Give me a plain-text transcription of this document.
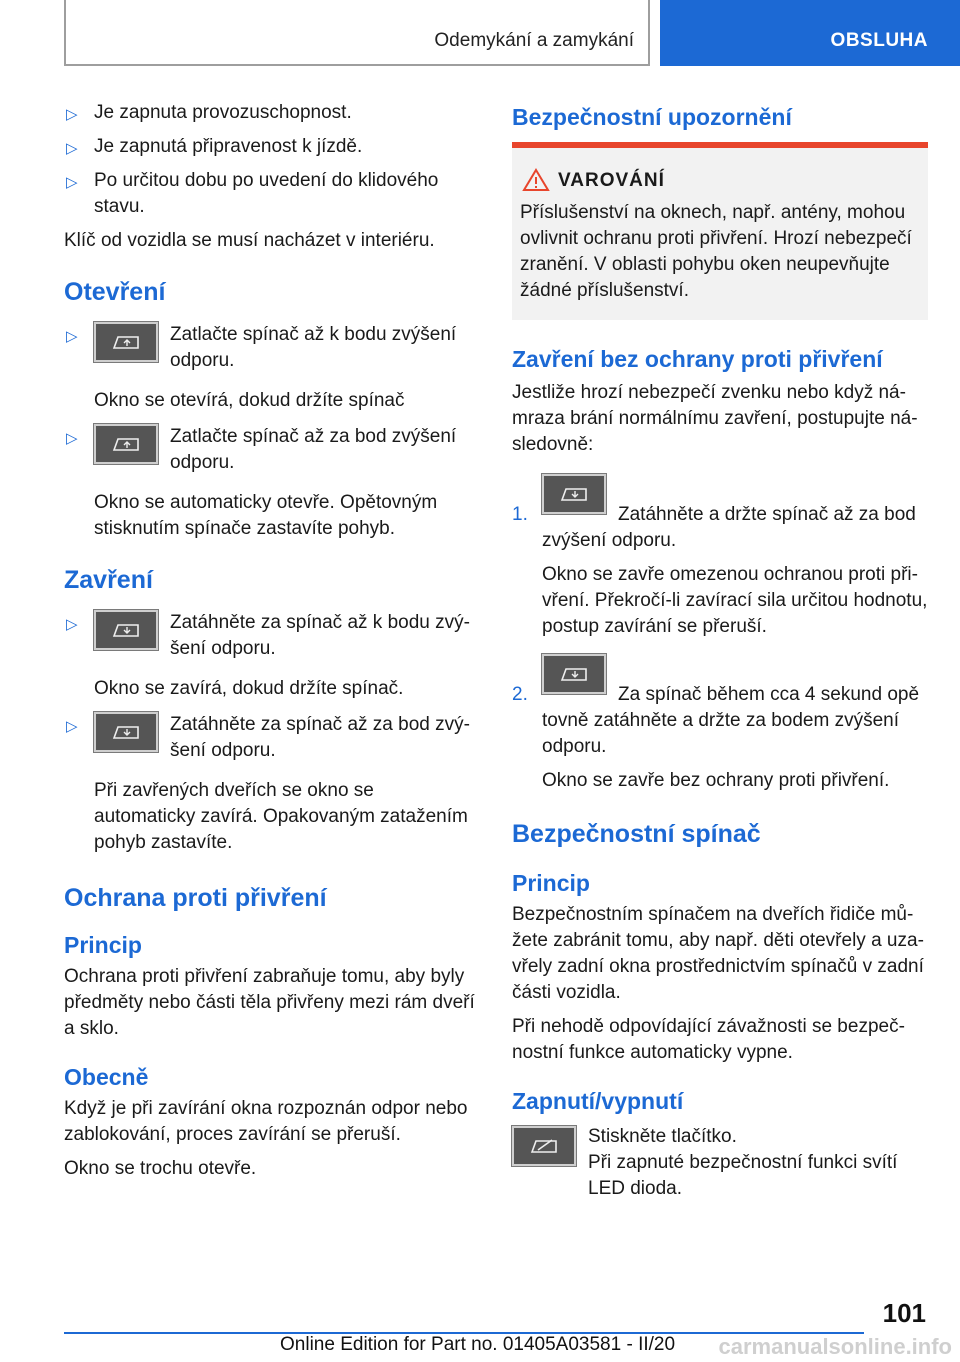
Odemykání a zamykání	OBSLUHA
▷ Je zapnuta provozuschopnost.
▷ Je zapnutá připravenost k jízdě.
▷ Po určitou dobu po uvedení do klidového stavu.

Klíč od vozidla se musí nacházet v interiéru.

Otevření
▷	Zatlačte spínač až k bodu zvýšení odporu.
Okno se otevírá, dokud držíte spínač
▷	Zatlačte spínač až za bod zvýšení odporu.
Okno se automaticky otevře. Opětovným stisknutím spínače zastavíte pohyb.
Zavření
▷	Zatáhněte za spínač až k bodu zvýšení odporu.
Okno se zavírá, dokud držíte spínač.
▷	Zatáhněte za spínač až za bod zvýšení odporu.
Při zavřených dveřích se okno se automaticky zavírá. Opakovaným zatažením pohyb zastavíte.
Ochrana proti přivření
Princip

Ochrana proti přivření zabraňuje tomu, aby byly předměty nebo části těla přivřeny mezi rám dveří a sklo.

Obecně

Když je při zavírání okna rozpoznán odpor nebo zablokování, proces zavírání se přeruší.

Okno se trochu otevře.

Bezpečnostní upozornění
VAROVÁNÍ

Příslušenství na oknech, např. antény, mohou ovlivnit ochranu proti přivření. Hrozí nebezpečí zranění. V oblasti pohybu oken neupevňujte žádné příslušenství.

Zavření bez ochrany proti přivření

Jestliže hrozí nebezpečí zvenku nebo když námraza brání normálnímu zavření, postupujte následovně:

1.	Zatáhněte a držte spínač až za bod
zvýšení odporu.
Okno se zavře omezenou ochranou proti přivření. Překročí-li zavírací sila určitou hodnotu, postup zavírání se přeruší.
2.	Za spínač během cca 4 sekund opě
tovně zatáhněte a držte za bodem zvýšení odporu.
Okno se zavře bez ochrany proti přivření.
Bezpečnostní spínač
Princip

Bezpečnostním spínačem na dveřích řidiče můžete zabránit tomu, aby např. děti otevřely a uzavřely zadní okna prostřednictvím spínačů v zadní části vozidla.

Při nehodě odpovídající závažnosti se bezpečnostní funkce automaticky vypne.

Zapnutí/vypnutí

Stiskněte tlačítko.

Při zapnuté bezpečnostní funkci svítí LED dioda.

101
Online Edition for Part no. 01405A03581 - II/20 carmanualsonline.info
